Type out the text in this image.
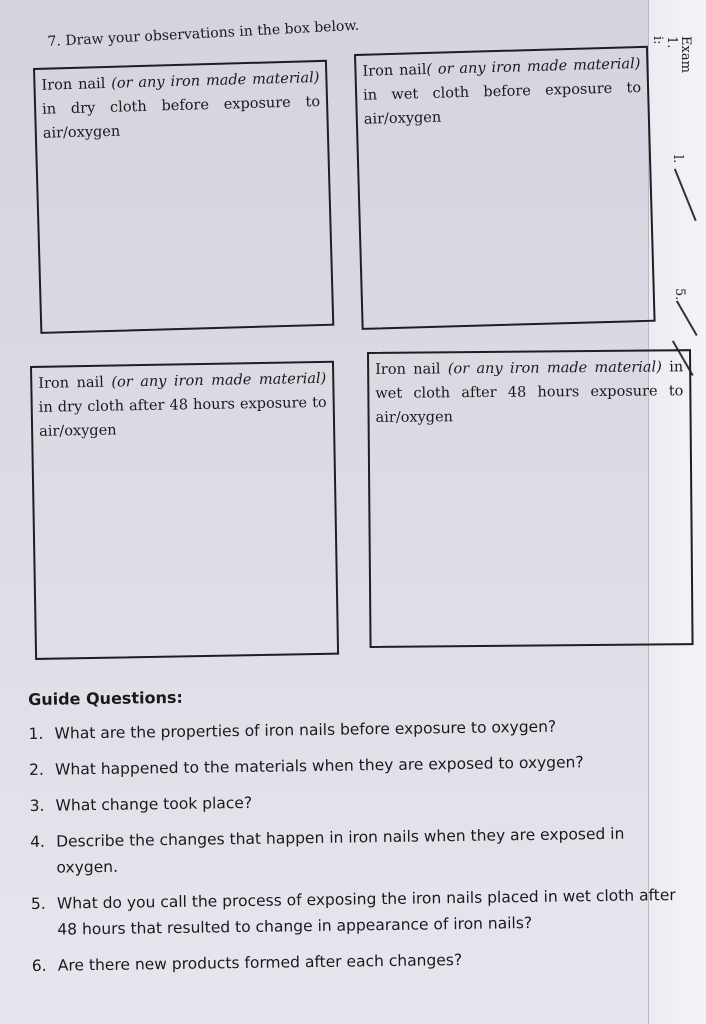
Exam
1.
i:
l.
5.
7. Draw your observations in the box below.
Iron nail (or any iron made material) in dry cloth before exposure to air/oxygen
Iron nail( or any iron made material) in wet cloth before exposure to air/oxygen
Iron nail (or any iron made material) in dry cloth after 48 hours exposure to air/oxygen
Iron nail (or any iron made material) in wet cloth after 48 hours exposure to air/oxygen
Guide Questions:
1. What are the properties of iron nails before exposure to oxygen?
2. What happened to the materials when they are exposed to oxygen?
3. What change took place?
4. Describe the changes that happen in iron nails when they are exposed in oxygen.
5. What do you call the process of exposing the iron nails placed in wet cloth after 48 hours that resulted to change in appearance of iron nails?
6. Are there new products formed after each changes?
